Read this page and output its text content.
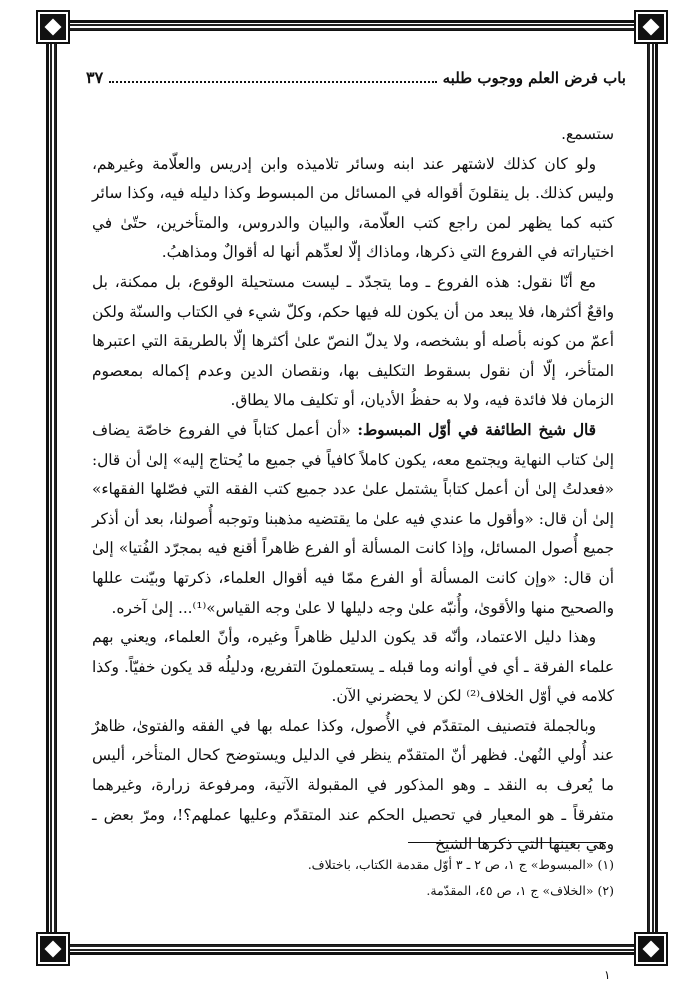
باب فرض العلم ووجوب طلبه
٣٧

ستسمع.

ولو كان كذلك لاشتهر عند ابنه وسائر تلاميذه وابن إدريس والعلّامة وغيرهم، وليس كذلك. بل ينقلونَ أقواله في المسائل من المبسوط وكذا دليله فيه، وكذا سائر كتبه كما يظهر لمن راجع كتب العلّامة، والبيان والدروس، والمتأخرين، حتّىٰ في اختياراته في الفروع التي ذكرها، وماذاك إلّا لعدِّهم أنها له أقوالٌ ومذاهبُ.

مع أنّا نقول: هذه الفروع ـ وما يتجدّد ـ ليست مستحيلة الوقوع، بل ممكنة، بل واقعٌ أكثرها، فلا يبعد من أن يكون لله فيها حكم، وكلّ شيء في الكتاب والسنّة ولكن أعمّ من كونه بأصله أو بشخصه، ولا يدلّ النصّ علىٰ أكثرها إلّا بالطريقة التي اعتبرها المتأخر، إلّا أن نقول بسقوط التكليف بها، ونقصان الدين وعدم إكماله بمعصوم الزمان فلا فائدة فيه، ولا به حفظُ الأديان، أو تكليف مالا يطاق.

قال شيخ الطائفة في أوّل المبسوط: «أن أعمل كتاباً في الفروع خاصّة يضاف إلىٰ كتاب النهاية ويجتمع معه، يكون كاملاً كافياً في جميع ما يُحتاج إليه» إلىٰ أن قال: «فعدلتُ إلىٰ أن أعمل كتاباً يشتمل علىٰ عدد جميع كتب الفقه التي فصّلها الفقهاء» إلىٰ أن قال: «وأقول ما عندي فيه علىٰ ما يقتضيه مذهبنا وتوجبه أُصولنا، بعد أن أذكر جميع أُصول المسائل، وإذا كانت المسألة أو الفرع ظاهراً أقنع فيه بمجرّد الفُتيا» إلىٰ أن قال: «وإن كانت المسألة أو الفرع ممّا فيه أقوال العلماء، ذكرتها وبيّنت عللها والصحيح منها والأقوىٰ، وأُنبّه علىٰ وجه دليلها لا علىٰ وجه القياس»⁽¹⁾... إلىٰ آخره.

وهذا دليل الاعتماد، وأنّه قد يكون الدليل ظاهراً وغيره، وأنّ العلماء، ويعني بهم علماء الفرقة ـ أي في أوانه وما قبله ـ يستعملونَ التفريع، ودليلُه قد يكون خفيّاً. وكذا كلامه في أوّل الخلاف⁽²⁾ لكن لا يحضرني الآن.

وبالجملة فتصنيف المتقدّم في الأُصول، وكذا عمله بها في الفقه والفتوىٰ، ظاهرٌ عند أُولي النُهىٰ. فظهر أنّ المتقدّم ينظر في الدليل ويستوضح كحال المتأخر، أليس ما يُعرف به النقد ـ وهو المذكور في المقبولة الآتية، ومرفوعة زرارة، وغيرهما متفرقاً ـ هو المعيار في تحصيل الحكم عند المتقدّم وعليها عملهم؟!، ومرّ بعض ـ وهي بعينها التي ذكرها الشيخ

(١) «المبسوط» ج ١، ص ٢ ـ ٣ أوّل مقدمة الكتاب، باختلاف.

(٢) «الخلاف» ج ١، ص ٤٥، المقدّمة.

١
